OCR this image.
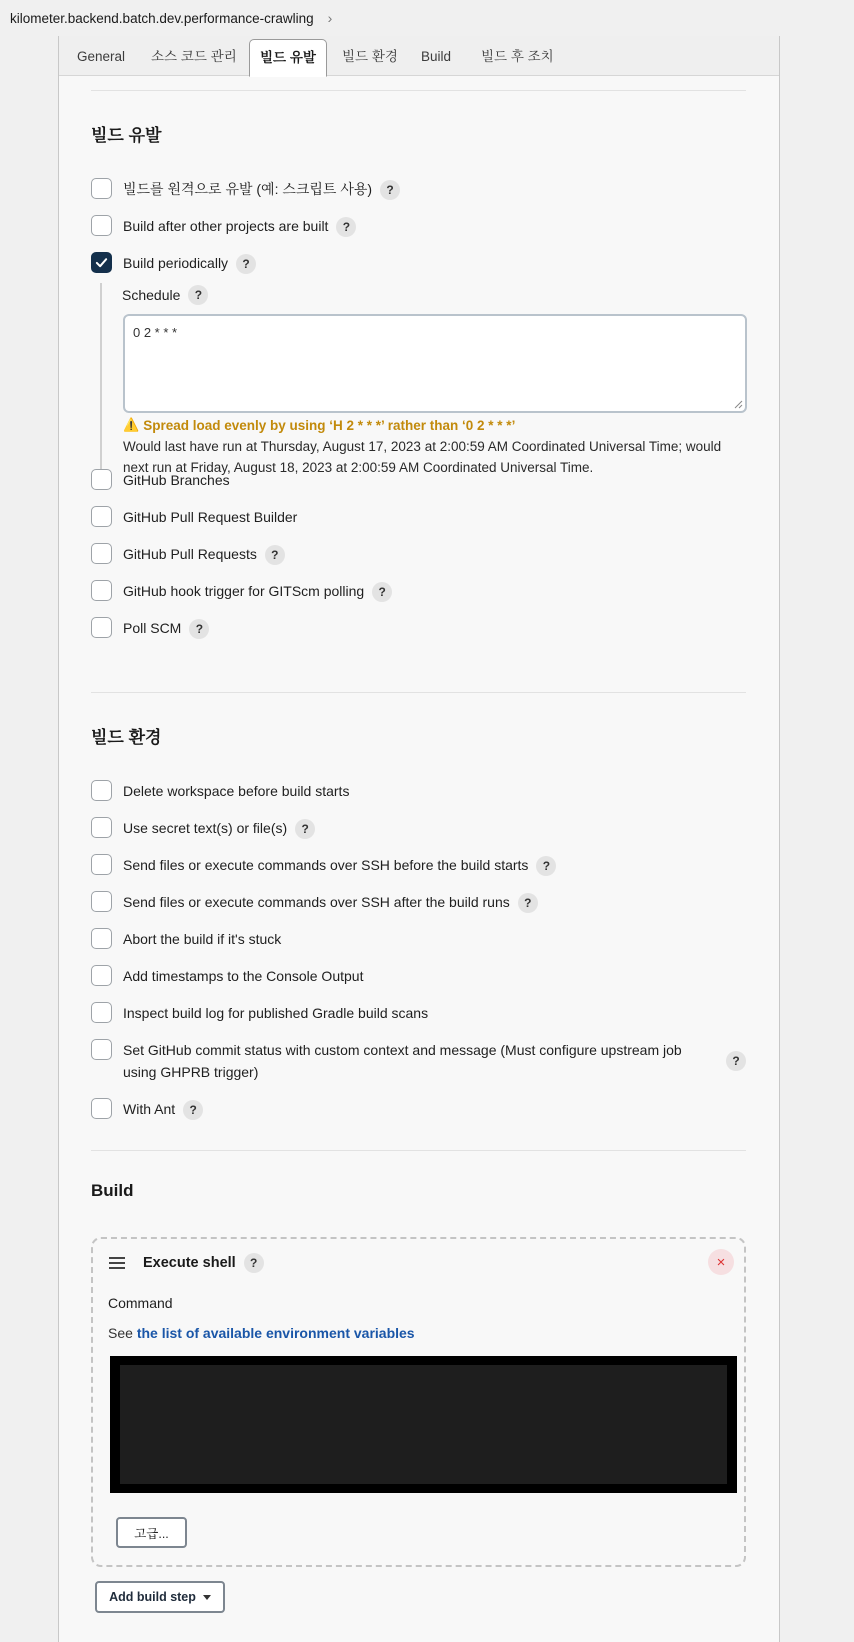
kilometer.backend.batch.dev.performance-crawling ›
General	소스 코드 관리	빌드 유발	빌드 환경	Build	빌드 후 조치
빌드 유발
빌드를 원격으로 유발 (예: 스크립트 사용) ?
Build after other projects are built ?
Build periodically ?
Schedule	?
0 2 * * *
⚠️ Spread load evenly by using ‘H 2 * * *’ rather than ‘0 2 * * *’
Would last have run at Thursday, August 17, 2023 at 2:00:59 AM Coordinated Universal Time; would next run at Friday, August 18, 2023 at 2:00:59 AM Coordinated Universal Time.
GitHub Branches
GitHub Pull Request Builder
GitHub Pull Requests ?
GitHub hook trigger for GITScm polling ?
Poll SCM ?
빌드 환경
Delete workspace before build starts
Use secret text(s) or file(s) ?
Send files or execute commands over SSH before the build starts ?
Send files or execute commands over SSH after the build runs ?
Abort the build if it's stuck
Add timestamps to the Console Output
Inspect build log for published Gradle build scans
Set GitHub commit status with custom context and message (Must configure upstream job using GHPRB trigger)
?
With Ant ?
Build
Execute shell	?	×
Command
See the list of available environment variables
고급...
Add build step
